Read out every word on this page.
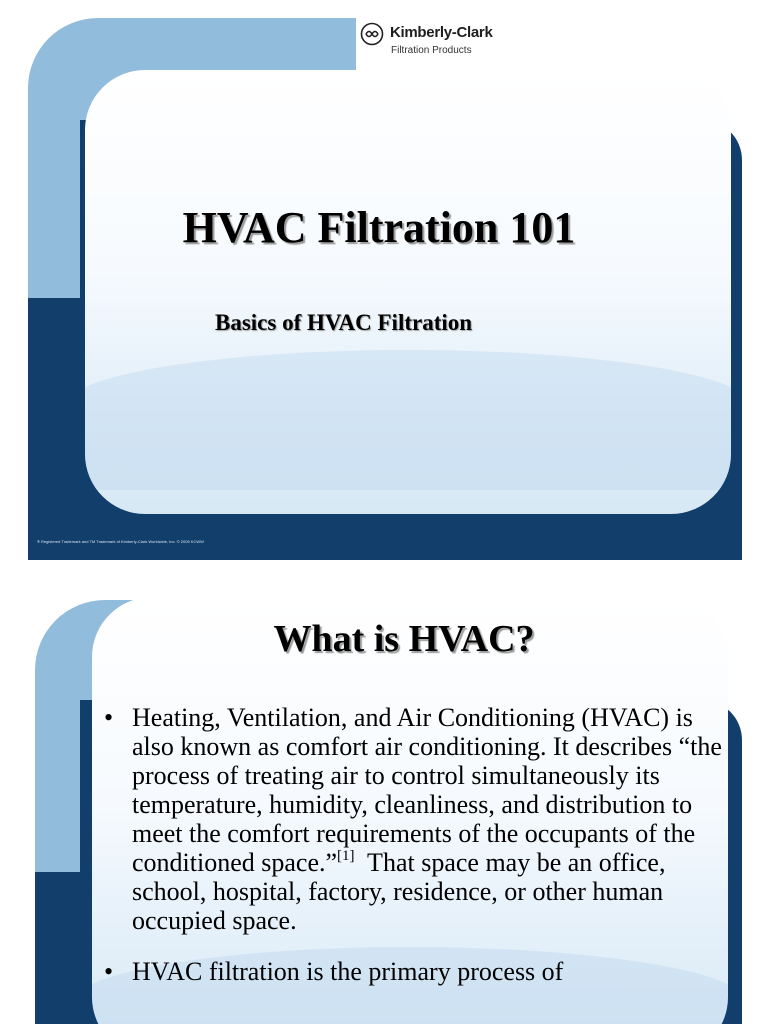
Kimberly-Clark
Filtration Products
HVAC Filtration 101
Basics of HVAC Filtration
® Registered Trademark and TM Trademark of Kimberly-Clark Worldwide, Inc. © 2005 KCWW
What is HVAC?
• Heating, Ventilation, and Air Conditioning (HVAC) is also known as comfort air conditioning. It describes “the process of treating air to control simultaneously its temperature, humidity, cleanliness, and distribution to meet the comfort requirements of the occupants of the conditioned space.”[1]  That space may be an office, school, hospital, factory, residence, or other human occupied space.
• HVAC filtration is the primary process of
